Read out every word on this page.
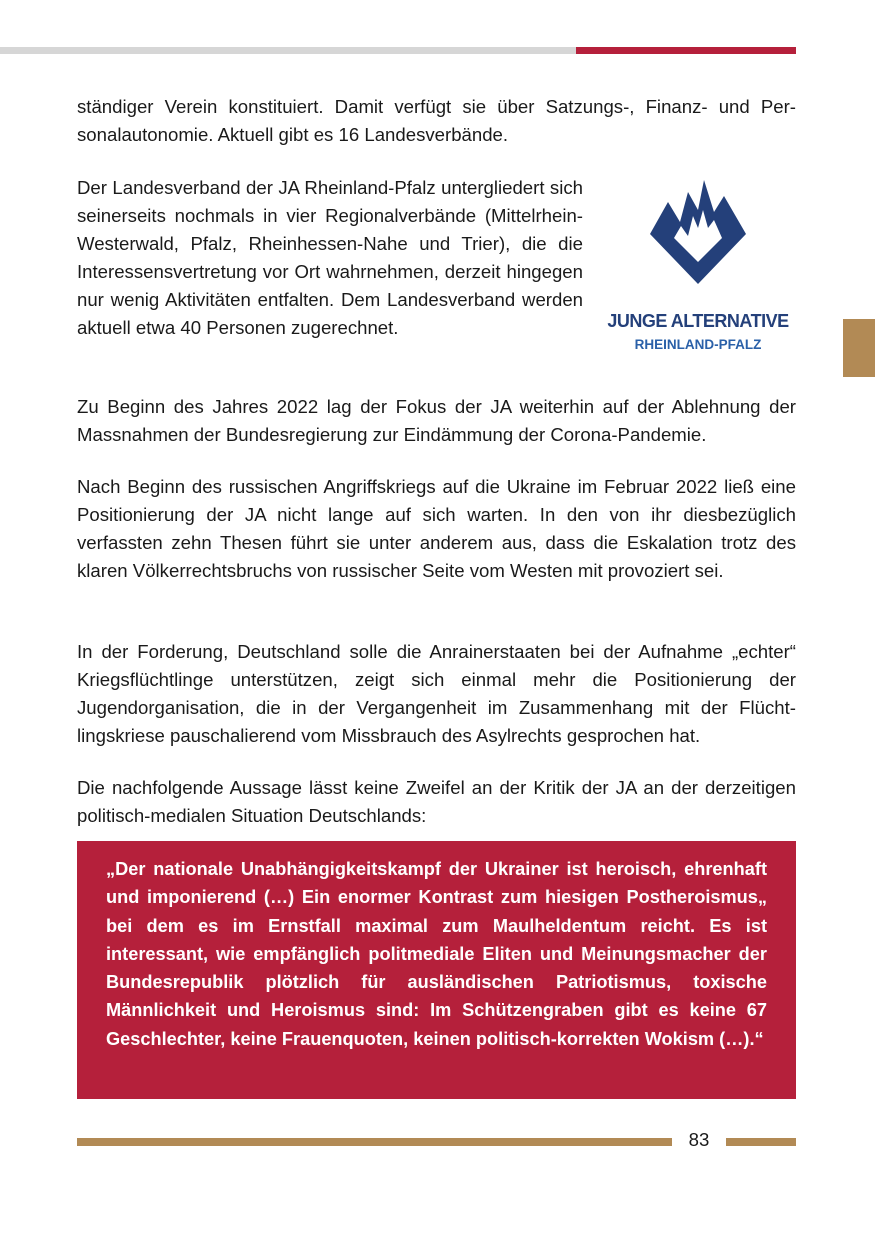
ständiger Verein konstituiert. Damit verfügt sie über Satzungs-, Finanz- und Personalautonomie. Aktuell gibt es 16 Landesverbände.

Der Landesverband der JA Rheinland-Pfalz untergliedert sich seinerseits nochmals in vier Regionalverbände (Mittelrhein-Westerwald, Pfalz, Rheinhessen-Nahe und Trier), die die Interessensvertretung vor Ort wahrnehmen, derzeit hingegen nur wenig Aktivitäten entfalten. Dem Landesverband werden aktuell etwa 40 Personen zugerechnet.	JUNGE ALTERNATIVE
RHEINLAND-PFALZ

Zu Beginn des Jahres 2022 lag der Fokus der JA weiterhin auf der Ablehnung der Massnahmen der Bundesregierung zur Eindämmung der Corona-Pandemie.

Nach Beginn des russischen Angriffskriegs auf die Ukraine im Februar 2022 ließ eine Positionierung der JA nicht lange auf sich warten. In den von ihr diesbezüglich verfassten zehn Thesen führt sie unter anderem aus, dass die Eskalation trotz des klaren Völkerrechtsbruchs von russischer Seite vom Westen mit provoziert sei.

In der Forderung, Deutschland solle die Anrainerstaaten bei der Aufnahme „echter“ Kriegsflüchtlinge unterstützen, zeigt sich einmal mehr die Positionierung der Jugendorganisation, die in der Vergangenheit im Zusammenhang mit der Flüchtlingskriese pauschalierend vom Missbrauch des Asylrechts gesprochen hat.

Die nachfolgende Aussage lässt keine Zweifel an der Kritik der JA an der derzeitigen politisch-medialen Situation Deutschlands:

„Der nationale Unabhängigkeitskampf der Ukrainer ist heroisch, ehrenhaft und imponierend (…) Ein enormer Kontrast zum hiesigen Postheroismus„ bei dem es im Ernstfall maximal zum Maulheldentum reicht. Es ist interessant, wie empfänglich politmediale Eliten und Meinungsmacher der Bundesrepublik plötzlich für ausländischen Patriotismus, toxische Männlichkeit und Heroismus sind: Im Schützengraben gibt es keine 67 Geschlechter, keine Frauenquoten, keinen politisch-korrekten Wokism (…).“

83
